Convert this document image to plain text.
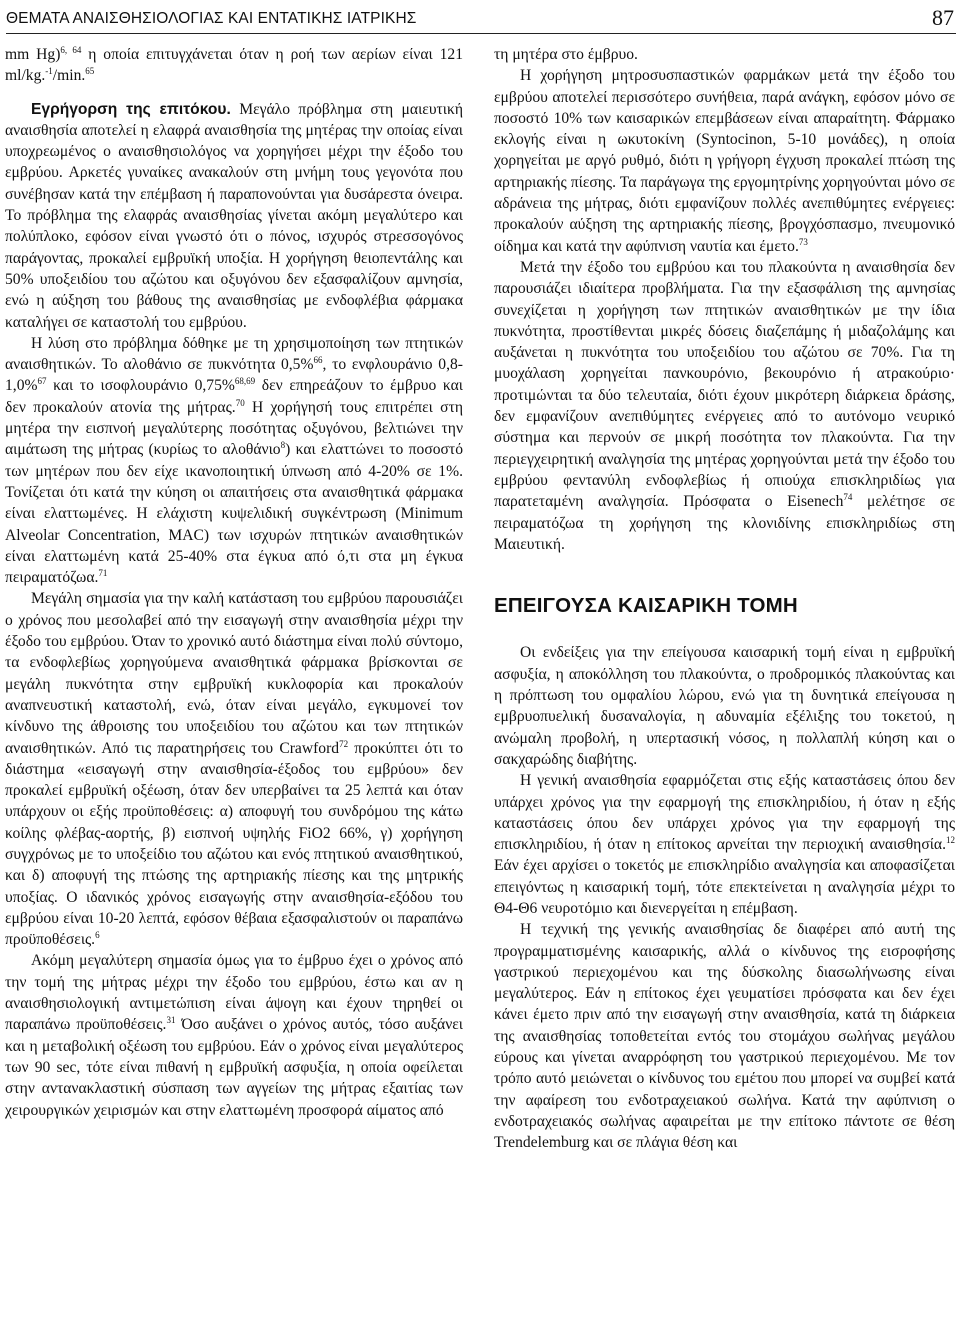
ΘΕΜΑΤΑ ΑΝΑΙΣΘΗΣΙΟΛΟΓΙΑΣ ΚΑΙ ΕΝΤΑΤΙΚΗΣ ΙΑΤΡΙΚΗΣ	87

mm Hg)$^{6, 64}$ η οποία επιτυγχάνεται όταν η ροή των αερίων είναι 121 ml/kg.$^{-1}$/min.$^{65}$

Εγρήγορση της επιτόκου. Μεγάλο πρόβλημα στη μαιευτική αναισθησία αποτελεί η ελαφρά αναισθησία της μητέρας την οποίας είναι υποχρεωμένος ο αναισθησιολόγος να χορηγήσει μέχρι την έξοδο του εμβρύου. Αρκετές γυναίκες ανακαλούν στη μνήμη τους γεγονότα που συνέβησαν κατά την επέμβαση ή παραπονούνται για δυσάρεστα όνειρα. Το πρόβλημα της ελαφράς αναισθησίας γίνεται ακόμη μεγαλύτερο και πολύπλοκο, εφόσον είναι γνωστό ότι ο πόνος, ισχυρός στρεσσογόνος παράγοντας, προκαλεί εμβρυϊκή υποξία. Η χορήγηση θειοπεντάλης και 50% υποξειδίου του αζώτου και οξυγόνου δεν εξασφαλίζουν αμνησία, ενώ η αύξηση του βάθους της αναισθησίας με ενδοφλέβια φάρμακα καταλήγει σε καταστολή του εμβρύου.

Η λύση στο πρόβλημα δόθηκε με τη χρησιμοποίηση των πτητικών αναισθητικών. Το αλοθάνιο σε πυκνότητα 0,5%$^{66}$, το ενφλουράνιο 0,8-1,0%$^{67}$ και το ισοφλουράνιο 0,75%$^{68,69}$ δεν επηρεάζουν το έμβρυο και δεν προκαλούν ατονία της μήτρας.$^{70}$ Η χορήγησή τους επιτρέπει στη μητέρα την εισπνοή μεγαλύτερης ποσότητας οξυγόνου, βελτιώνει την αιμάτωση της μήτρας (κυρίως το αλοθάνιο$^8$) και ελαττώνει το ποσοστό των μητέρων που δεν είχε ικανοποιητική ύπνωση από 4-20% σε 1%. Τονίζεται ότι κατά την κύηση οι απαιτήσεις στα αναισθητικά φάρμακα είναι ελαττωμένες. Η ελάχιστη κυψελιδική συγκέντρωση (Minimum Alveolar Concentration, MAC) των ισχυρών πτητικών αναισθητικών είναι ελαττωμένη κατά 25-40% στα έγκυα από ό,τι στα μη έγκυα πειραματόζωα.$^{71}$

Μεγάλη σημασία για την καλή κατάσταση του εμβρύου παρουσιάζει ο χρόνος που μεσολαβεί από την εισαγωγή στην αναισθησία μέχρι την έξοδο του εμβρύου. Όταν το χρονικό αυτό διάστημα είναι πολύ σύντομο, τα ενδοφλεβίως χορηγούμενα αναισθητικά φάρμακα βρίσκονται σε μεγάλη πυκνότητα στην εμβρυϊκή κυκλοφορία και προκαλούν αναπνευστική καταστολή, ενώ, όταν είναι μεγάλο, εγκυμονεί τον κίνδυνο της άθροισης του υποξειδίου του αζώτου και των πτητικών αναισθητικών. Από τις παρατηρήσεις του Crawford$^{72}$ προκύπτει ότι το διάστημα «εισαγωγή στην αναισθησία-έξοδος του εμβρύου» δεν προκαλεί εμβρυϊκή οξέωση, όταν δεν υπερβαίνει τα 25 λεπτά και όταν υπάρχουν οι εξής προϋποθέσεις: α) αποφυγή του συνδρόμου της κάτω κοίλης φλέβας-αορτής, β) εισπνοή υψηλής FiO2 66%, γ) χορήγηση συγχρόνως με το υποξείδιο του αζώτου και ενός πτητικού αναισθητικού, και δ) αποφυγή της πτώσης της αρτηριακής πίεσης και της μητρικής υποξίας. Ο ιδανικός χρόνος εισαγωγής στην αναισθησία-εξόδου του εμβρύου είναι 10-20 λεπτά, εφόσον θέβαια εξασφαλιστούν οι παραπάνω προϋποθέσεις.$^6$

Ακόμη μεγαλύτερη σημασία όμως για το έμβρυο έχει ο χρόνος από την τομή της μήτρας μέχρι την έξοδο του εμβρύου, έστω και αν η αναισθησιολογική αντιμετώπιση είναι άψογη και έχουν τηρηθεί οι παραπάνω προϋποθέσεις.$^{31}$ Όσο αυξάνει ο χρόνος αυτός, τόσο αυξάνει και η μεταβολική οξέωση του εμβρύου. Εάν ο χρόνος είναι μεγαλύτερος των 90 sec, τότε είναι πιθανή η εμβρυϊκή ασφυξία, η οποία οφείλεται στην αντανακλαστική σύσπαση των αγγείων της μήτρας εξαιτίας των χειρουργικών χειρισμών και στην ελαττωμένη προσφορά αίματος από

τη μητέρα στο έμβρυο.

Η χορήγηση μητροσυσπαστικών φαρμάκων μετά την έξοδο του εμβρύου αποτελεί περισσότερο συνήθεια, παρά ανάγκη, εφόσον μόνο σε ποσοστό 10% των καισαρικών επεμβάσεων είναι απαραίτητη. Φάρμακο εκλογής είναι η ωκυτοκίνη (Syntocinon, 5-10 μονάδες), η οποία χορηγείται με αργό ρυθμό, διότι η γρήγορη έγχυση προκαλεί πτώση της αρτηριακής πίεσης. Τα παράγωγα της εργομητρίνης χορηγούνται μόνο σε αδράνεια της μήτρας, διότι εμφανίζουν πολλές ανεπιθύμητες ενέργειες: προκαλούν αύξηση της αρτηριακής πίεσης, βρογχόσπασμο, πνευμονικό οίδημα και κατά την αφύπνιση ναυτία και έμετο.$^{73}$

Μετά την έξοδο του εμβρύου και του πλακούντα η αναισθησία δεν παρουσιάζει ιδιαίτερα προβλήματα. Για την εξασφάλιση της αμνησίας συνεχίζεται η χορήγηση των πτητικών αναισθητικών με την ίδια πυκνότητα, προστίθενται μικρές δόσεις διαζεπάμης ή μιδαζολάμης και αυξάνεται η πυκνότητα του υποξειδίου του αζώτου σε 70%. Για τη μυοχάλαση χορηγείται πανκουρόνιο, βεκουρόνιο ή ατρακούριο· προτιμώνται τα δύο τελευταία, διότι έχουν μικρότερη διάρκεια δράσης, δεν εμφανίζουν ανεπιθύμητες ενέργειες από το αυτόνομο νευρικό σύστημα και περνούν σε μικρή ποσότητα τον πλακούντα. Για την περιεγχειρητική αναλγησία της μητέρας χορηγούνται μετά την έξοδο του εμβρύου φεντανύλη ενδοφλεβίως ή οπιούχα επισκληριδίως για παρατεταμένη αναλγησία. Πρόσφατα ο Eisenech$^{74}$ μελέτησε σε πειραματόζωα τη χορήγηση της κλονιδίνης επισκληριδίως στη Μαιευτική.

ΕΠΕΙΓΟΥΣΑ ΚΑΙΣΑΡΙΚΗ ΤΟΜΗ

Οι ενδείξεις για την επείγουσα καισαρική τομή είναι η εμβρυϊκή ασφυξία, η αποκόλληση του πλακούντα, ο προδρομικός πλακούντας και η πρόπτωση του ομφαλίου λώρου, ενώ για τη δυνητικά επείγουσα η εμβρυοπυελική δυσαναλογία, η αδυναμία εξέλιξης του τοκετού, η ανώμαλη προβολή, η υπερτασική νόσος, η πολλαπλή κύηση και ο σακχαρώδης διαβήτης.

Η γενική αναισθησία εφαρμόζεται στις εξής καταστάσεις όπου δεν υπάρχει χρόνος για την εφαρμογή της επισκληριδίου, ή όταν η εξής καταστάσεις όπου δεν υπάρχει χρόνος για την εφαρμογή της επισκληριδίου, ή όταν η επίτοκος αρνείται την περιοχική αναισθησία.$^{12}$ Εάν έχει αρχίσει ο τοκετός με επισκληρίδιο αναλγησία και αποφασίζεται επειγόντως η καισαρική τομή, τότε επεκτείνεται η αναλγησία μέχρι το Θ4-Θ6 νευροτόμιο και διενεργείται η επέμβαση.

Η τεχνική της γενικής αναισθησίας δε διαφέρει από αυτή της προγραμματισμένης καισαρικής, αλλά ο κίνδυνος της εισροφήσης γαστρικού περιεχομένου και της δύσκολης διασωλήνωσης είναι μεγαλύτερος. Εάν η επίτοκος έχει γευματίσει πρόσφατα και δεν έχει κάνει έμετο πριν από την εισαγωγή στην αναισθησία, κατά τη διάρκεια της αναισθησίας τοποθετείται εντός του στομάχου σωλήνας μεγάλου εύρους και γίνεται αναρρόφηση του γαστρικού περιεχομένου. Με τον τρόπο αυτό μειώνεται ο κίνδυνος του εμέτου που μπορεί να συμβεί κατά την αφαίρεση του ενδοτραχειακού σωλήνα. Κατά την αφύπνιση ο ενδοτραχειακός σωλήνας αφαιρείται με την επίτοκο πάντοτε σε θέση Trendelemburg και σε πλάγια θέση και
